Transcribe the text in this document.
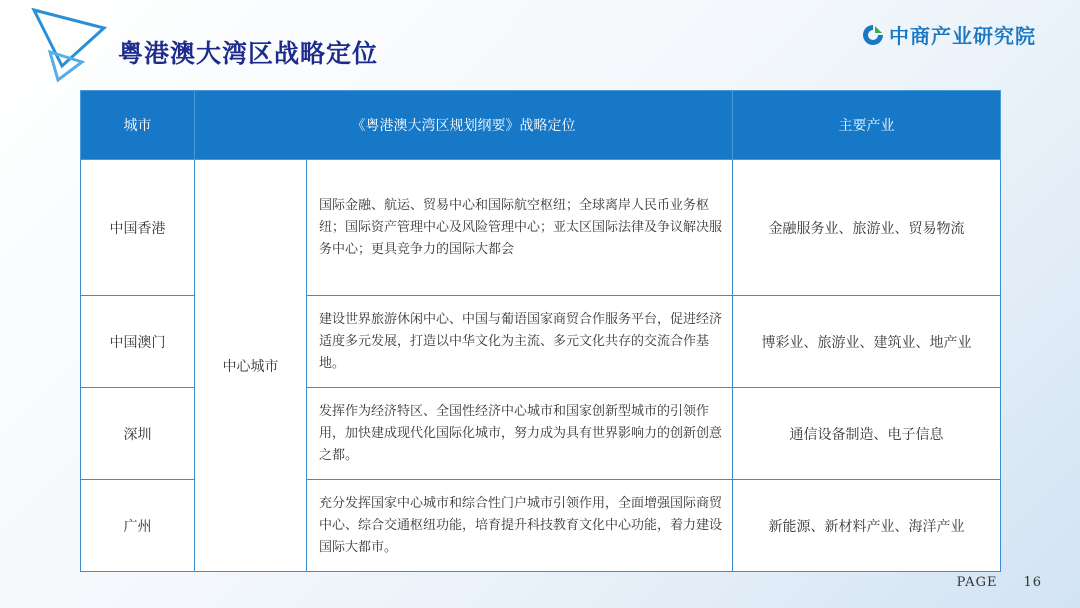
粤港澳大湾区战略定位
中商产业研究院
城市	《粤港澳大湾区规划纲要》战略定位		主要产业
中国香港	中心城市	国际金融、航运、贸易中心和国际航空枢纽；全球离岸人民币业务枢纽；国际资产管理中心及风险管理中心；亚太区国际法律及争议解决服务中心；更具竞争力的国际大都会	金融服务业、旅游业、贸易物流
中国澳门		建设世界旅游休闲中心、中国与葡语国家商贸合作服务平台，促进经济适度多元发展，打造以中华文化为主流、多元文化共存的交流合作基地。	博彩业、旅游业、建筑业、地产业
深圳		发挥作为经济特区、全国性经济中心城市和国家创新型城市的引领作用，加快建成现代化国际化城市，努力成为具有世界影响力的创新创意之都。	通信设备制造、电子信息
广州		充分发挥国家中心城市和综合性门户城市引领作用，全面增强国际商贸中心、综合交通枢纽功能，培育提升科技教育文化中心功能，着力建设国际大都市。	新能源、新材料产业、海洋产业
PAGE 16
